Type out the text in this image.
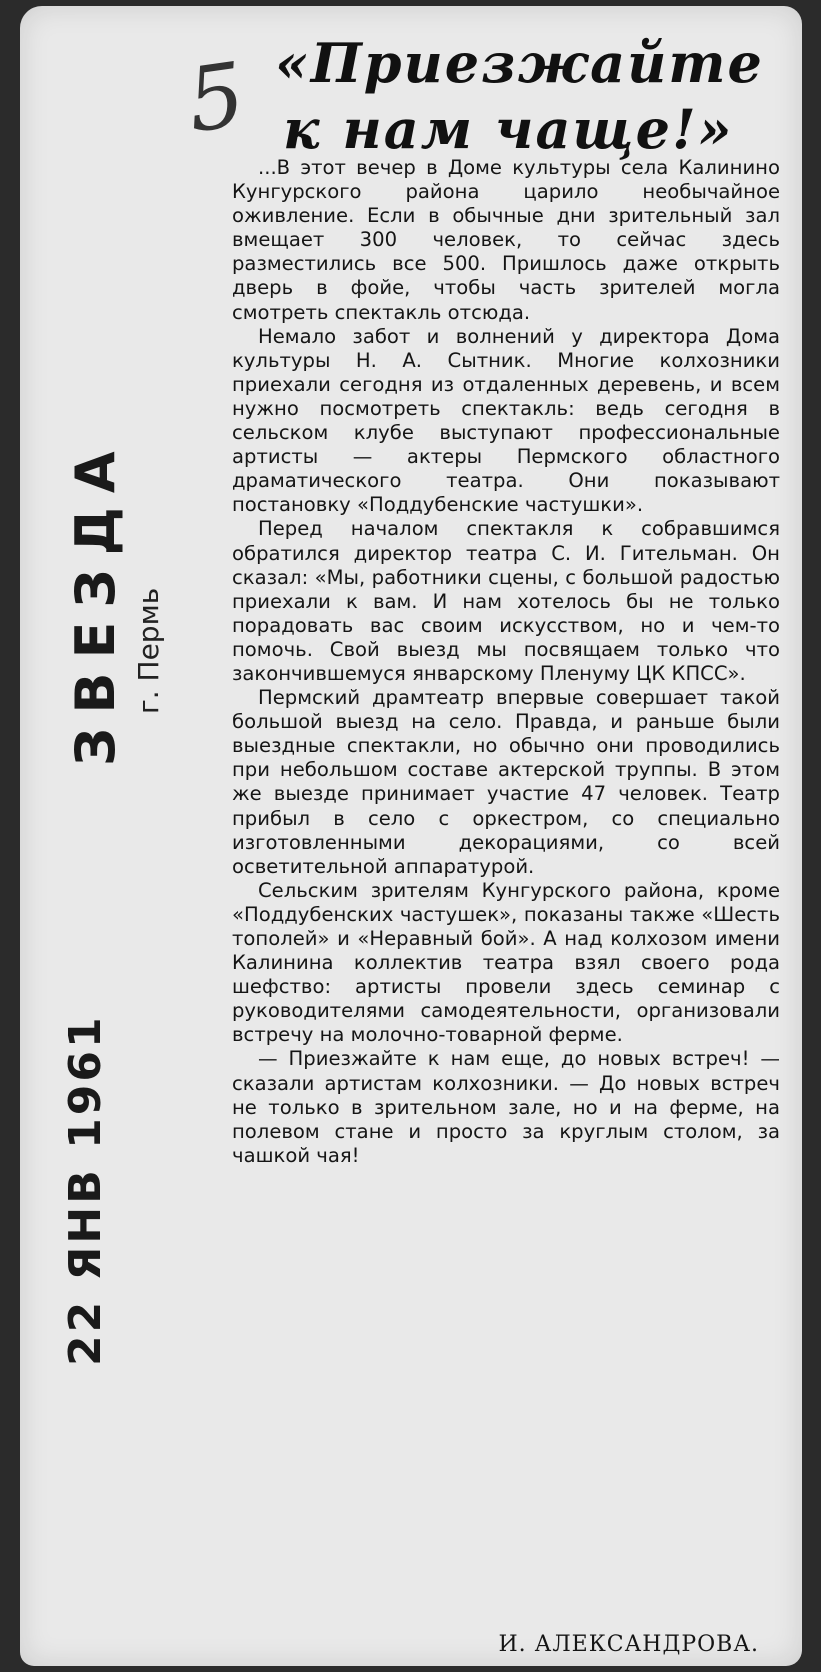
5 «Приезжайте
к нам чаще!»
ЗВЕЗДА г. Пермь
22 ЯНВ 1961

...В этот вечер в Доме культуры села Калинино Кунгурского района царило необычайное оживление. Если в обычные дни зрительный зал вмещает 300 человек, то сейчас здесь разместились все 500. Пришлось даже открыть дверь в фойе, чтобы часть зрителей могла смотреть спектакль отсюда.

Немало забот и волнений у директора Дома культуры Н. А. Сытник. Многие колхозники приехали сегодня из отдаленных деревень, и всем нужно посмотреть спектакль: ведь сегодня в сельском клубе выступают профессиональные артисты — актеры Пермского областного драматического театра. Они показывают постановку «Поддубенские частушки».

Перед началом спектакля к собравшимся обратился директор театра С. И. Гительман. Он сказал: «Мы, работники сцены, с большой радостью приехали к вам. И нам хотелось бы не только порадовать вас своим искусством, но и чем-то помочь. Свой выезд мы посвящаем только что закончившемуся январскому Пленуму ЦК КПСС».

Пермский драмтеатр впервые совершает такой большой выезд на село. Правда, и раньше были выездные спектакли, но обычно они проводились при небольшом составе актерской труппы. В этом же выезде принимает участие 47 человек. Театр прибыл в село с оркестром, со специально изготовленными декорациями, со всей осветительной аппаратурой.

Сельским зрителям Кунгурского района, кроме «Поддубенских частушек», показаны также «Шесть тополей» и «Неравный бой». А над колхозом имени Калинина коллектив театра взял своего рода шефство: артисты провели здесь семинар с руководителями самодеятельности, организовали встречу на молочно-товарной ферме.

— Приезжайте к нам еще, до новых встреч! — сказали артистам колхозники. — До новых встреч не только в зрительном зале, но и на ферме, на полевом стане и просто за круглым столом, за чашкой чая!

И. АЛЕКСАНДРОВА.
